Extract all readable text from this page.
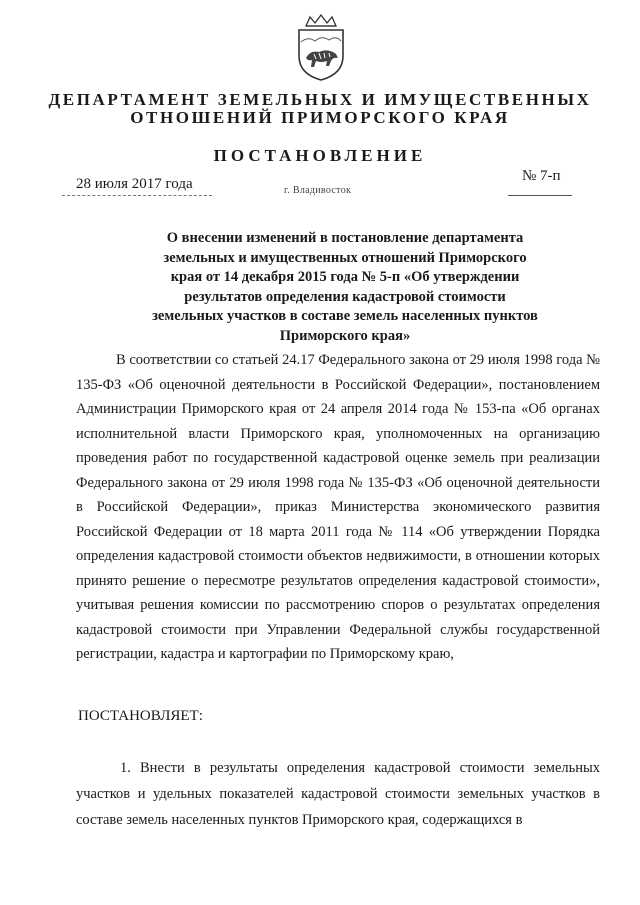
ДЕПАРТАМЕНТ ЗЕМЕЛЬНЫХ И ИМУЩЕСТВЕННЫХ
ОТНОШЕНИЙ ПРИМОРСКОГО КРАЯ
ПОСТАНОВЛЕНИЕ
28 июля 2017 года	г. Владивосток
№ 7-п
О внесении изменений в постановление департамента земельных и имущественных отношений Приморского края от 14 декабря 2015 года № 5-п «Об утверждении результатов определения кадастровой стоимости земельных участков в составе земель населенных пунктов Приморского края»
В соответствии со статьей 24.17 Федерального закона от 29 июля 1998 года № 135-ФЗ «Об оценочной деятельности в Российской Федерации», постановлением Администрации Приморского края от 24 апреля 2014 года № 153-па «Об органах исполнительной власти Приморского края, уполномоченных на организацию проведения работ по государственной кадастровой оценке земель при реализации Федерального закона от 29 июля 1998 года № 135-ФЗ «Об оценочной деятельности в Российской Федерации», приказ Министерства экономического развития Российской Федерации от 18 марта 2011 года № 114 «Об утверждении Порядка определения кадастровой стоимости объектов недвижимости, в отношении которых принято решение о пересмотре результатов определения кадастровой стоимости», учитывая решения комиссии по рассмотрению споров о результатах определения кадастровой стоимости при Управлении Федеральной службы государственной регистрации, кадастра и картографии по Приморскому краю,
ПОСТАНОВЛЯЕТ:
1. Внести в результаты определения кадастровой стоимости земельных участков и удельных показателей кадастровой стоимости земельных участков в составе земель населенных пунктов Приморского края, содержащихся в
